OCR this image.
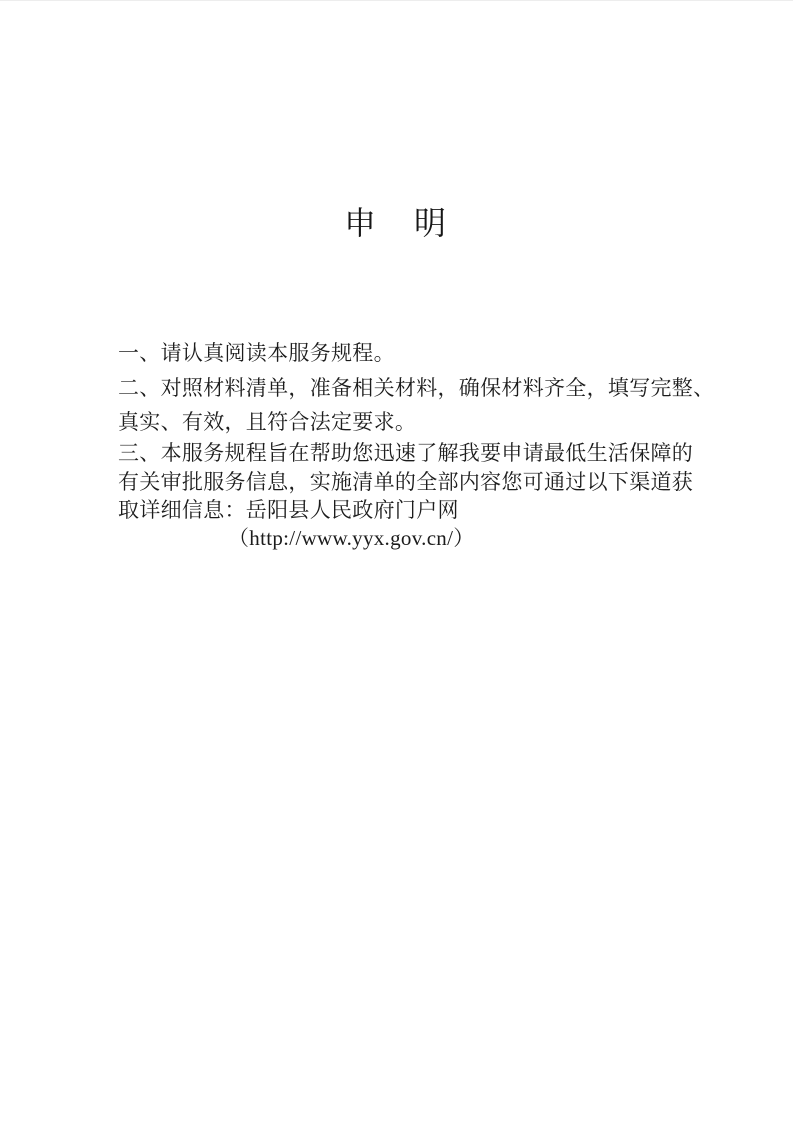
申　明

一、请认真阅读本服务规程。

二、对照材料清单，准备相关材料，确保材料齐全，填写完整、

真实、有效，且符合法定要求。

三、本服务规程旨在帮助您迅速了解我要申请最低生活保障的

有关审批服务信息，实施清单的全部内容您可通过以下渠道获

取详细信息：岳阳县人民政府门户网

（http://www.yyx.gov.cn/）
